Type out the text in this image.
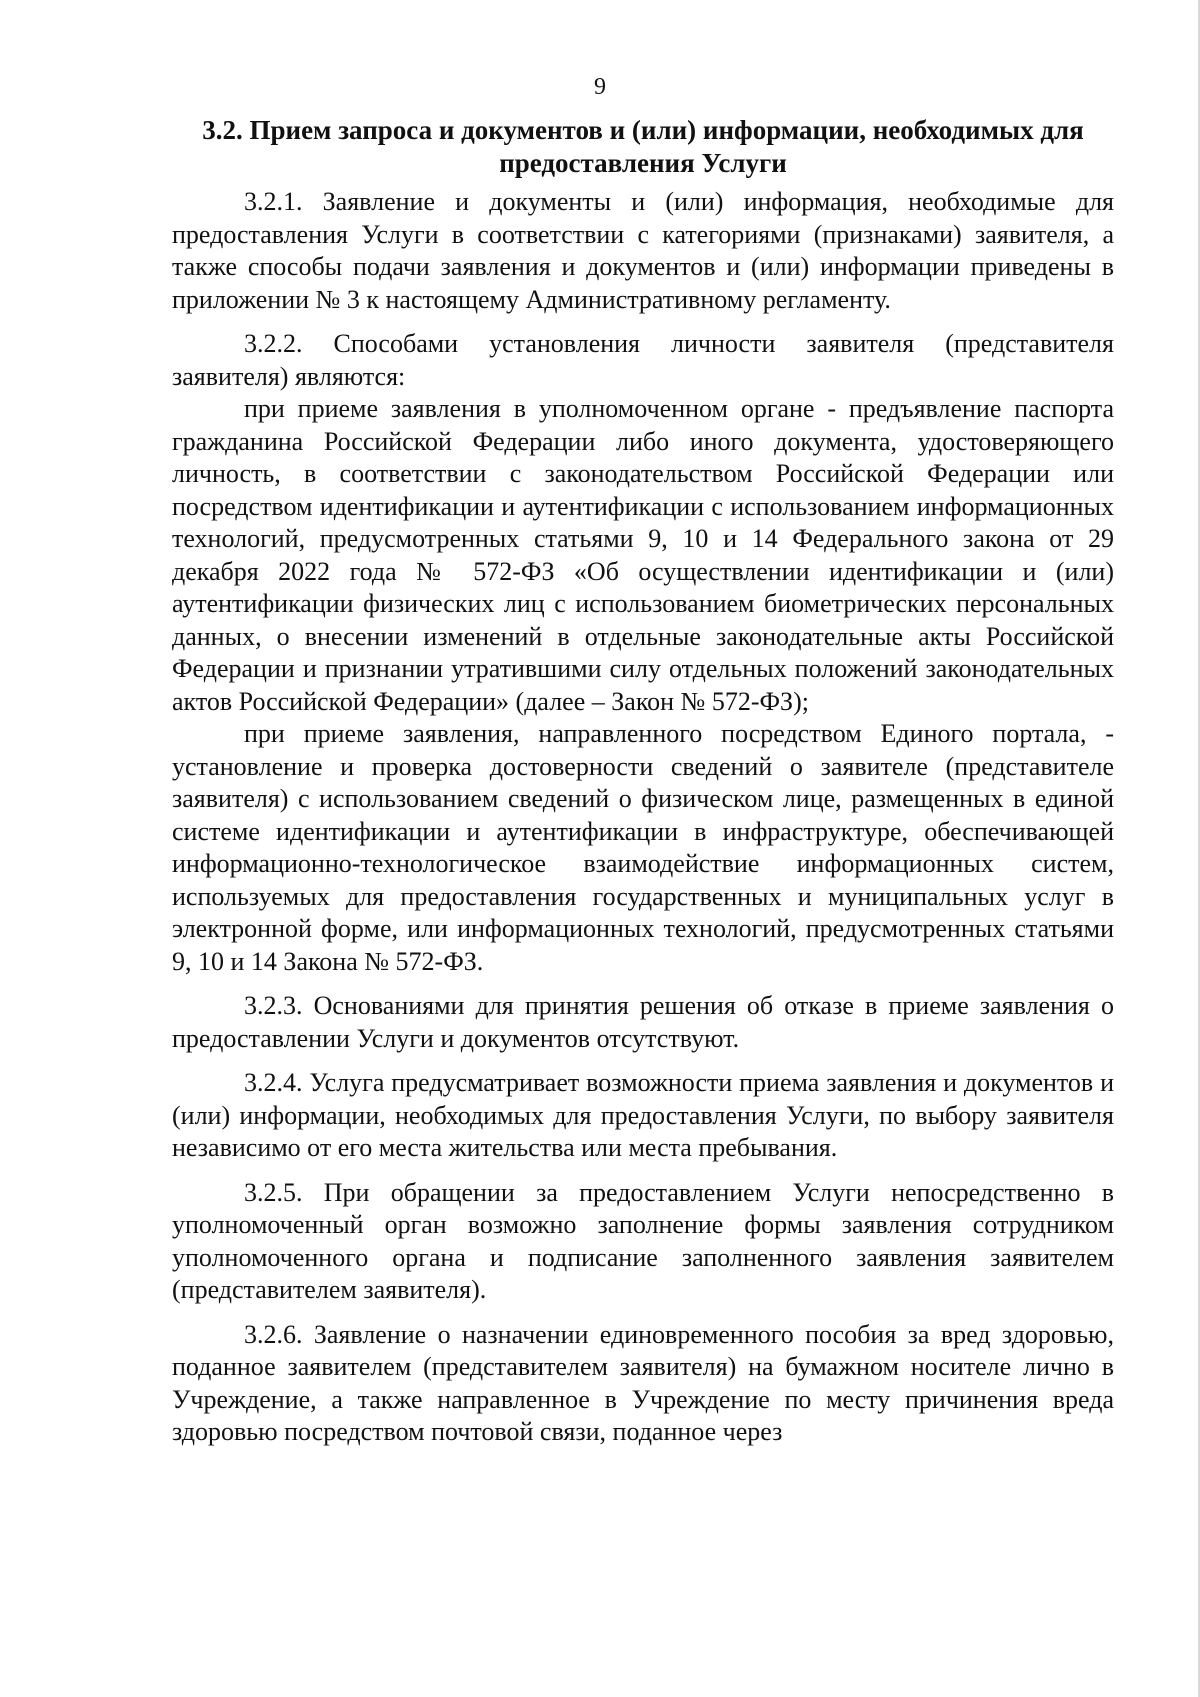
9

3.2. Прием запроса и документов и (или) информации, необходимых для предоставления Услуги

3.2.1. Заявление и документы и (или) информация, необходимые для предоставления Услуги в соответствии с категориями (признаками) заявителя, а также способы подачи заявления и документов и (или) информации приведены в приложении № 3 к настоящему Административному регламенту.

3.2.2. Способами установления личности заявителя (представителя заявителя) являются:

при приеме заявления в уполномоченном органе - предъявление паспорта гражданина Российской Федерации либо иного документа, удостоверяющего личность, в соответствии с законодательством Российской Федерации или посредством идентификации и аутентификации с использованием информационных технологий, предусмотренных статьями 9, 10 и 14 Федерального закона от 29 декабря 2022 года № 572-ФЗ «Об осуществлении идентификации и (или) аутентификации физических лиц с использованием биометрических персональных данных, о внесении изменений в отдельные законодательные акты Российской Федерации и признании утратившими силу отдельных положений законодательных актов Российской Федерации» (далее – Закон № 572-ФЗ);

при приеме заявления, направленного посредством Единого портала, - установление и проверка достоверности сведений о заявителе (представителе заявителя) с использованием сведений о физическом лице, размещенных в единой системе идентификации и аутентификации в инфраструктуре, обеспечивающей информационно-технологическое взаимодействие информационных систем, используемых для предоставления государственных и муниципальных услуг в электронной форме, или информационных технологий, предусмотренных статьями 9, 10 и 14 Закона № 572-ФЗ.

3.2.3. Основаниями для принятия решения об отказе в приеме заявления о предоставлении Услуги и документов отсутствуют.

3.2.4. Услуга предусматривает возможности приема заявления и документов и (или) информации, необходимых для предоставления Услуги, по выбору заявителя независимо от его места жительства или места пребывания.

3.2.5. При обращении за предоставлением Услуги непосредственно в уполномоченный орган возможно заполнение формы заявления сотрудником уполномоченного органа и подписание заполненного заявления заявителем (представителем заявителя).

3.2.6. Заявление о назначении единовременного пособия за вред здоровью, поданное заявителем (представителем заявителя) на бумажном носителе лично в Учреждение, а также направленное в Учреждение по месту причинения вреда здоровью посредством почтовой связи, поданное через
